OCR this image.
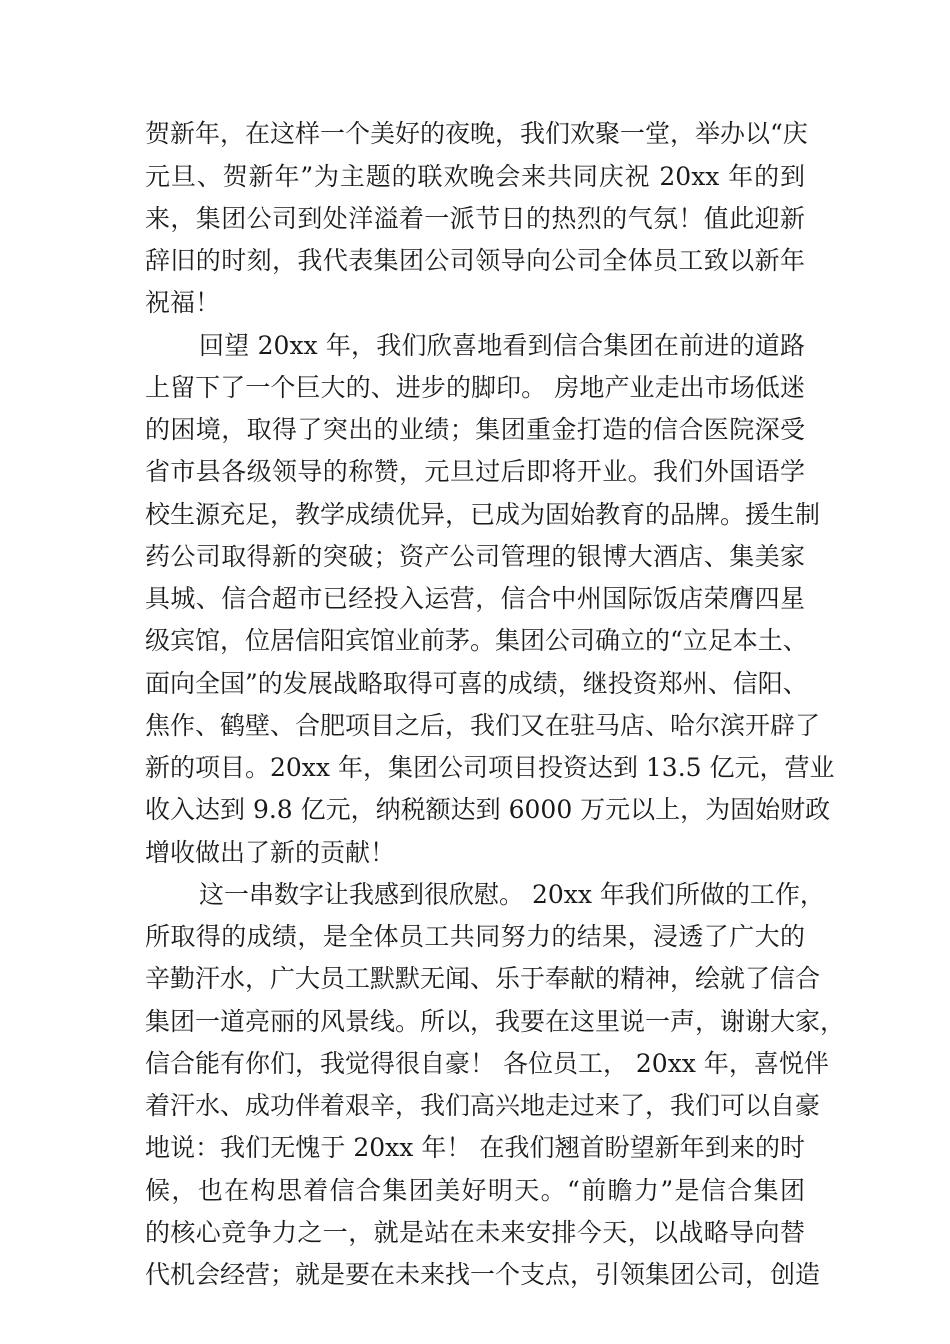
贺新年，在这样一个美好的夜晚，我们欢聚一堂，举办以“庆
元旦、贺新年”为主题的联欢晚会来共同庆祝 20xx 年的到
来，集团公司到处洋溢着一派节日的热烈的气氛！值此迎新
辞旧的时刻，我代表集团公司领导向公司全体员工致以新年
祝福！
回望 20xx 年，我们欣喜地看到信合集团在前进的道路
上留下了一个巨大的、进步的脚印。 房地产业走出市场低迷
的困境，取得了突出的业绩；集团重金打造的信合医院深受
省市县各级领导的称赞，元旦过后即将开业。我们外国语学
校生源充足，教学成绩优异，已成为固始教育的品牌。援生制
药公司取得新的突破；资产公司管理的银博大酒店、集美家
具城、信合超市已经投入运营，信合中州国际饭店荣膺四星
级宾馆，位居信阳宾馆业前茅。集团公司确立的“立足本土、
面向全国”的发展战略取得可喜的成绩，继投资郑州、信阳、
焦作、鹤壁、合肥项目之后，我们又在驻马店、哈尔滨开辟了
新的项目。20xx 年，集团公司项目投资达到 13.5 亿元，营业
收入达到 9.8 亿元，纳税额达到 6000 万元以上，为固始财政
增收做出了新的贡献！
这一串数字让我感到很欣慰。 20xx 年我们所做的工作，
所取得的成绩，是全体员工共同努力的结果，浸透了广大的
辛勤汗水，广大员工默默无闻、乐于奉献的精神，绘就了信合
集团一道亮丽的风景线。所以，我要在这里说一声，谢谢大家，
信合能有你们，我觉得很自豪！ 各位员工， 20xx 年，喜悦伴
着汗水、成功伴着艰辛，我们高兴地走过来了，我们可以自豪
地说：我们无愧于 20xx 年！ 在我们翘首盼望新年到来的时
候，也在构思着信合集团美好明天。“前瞻力”是信合集团
的核心竞争力之一，就是站在未来安排今天，以战略导向替
代机会经营；就是要在未来找一个支点，引领集团公司，创造
